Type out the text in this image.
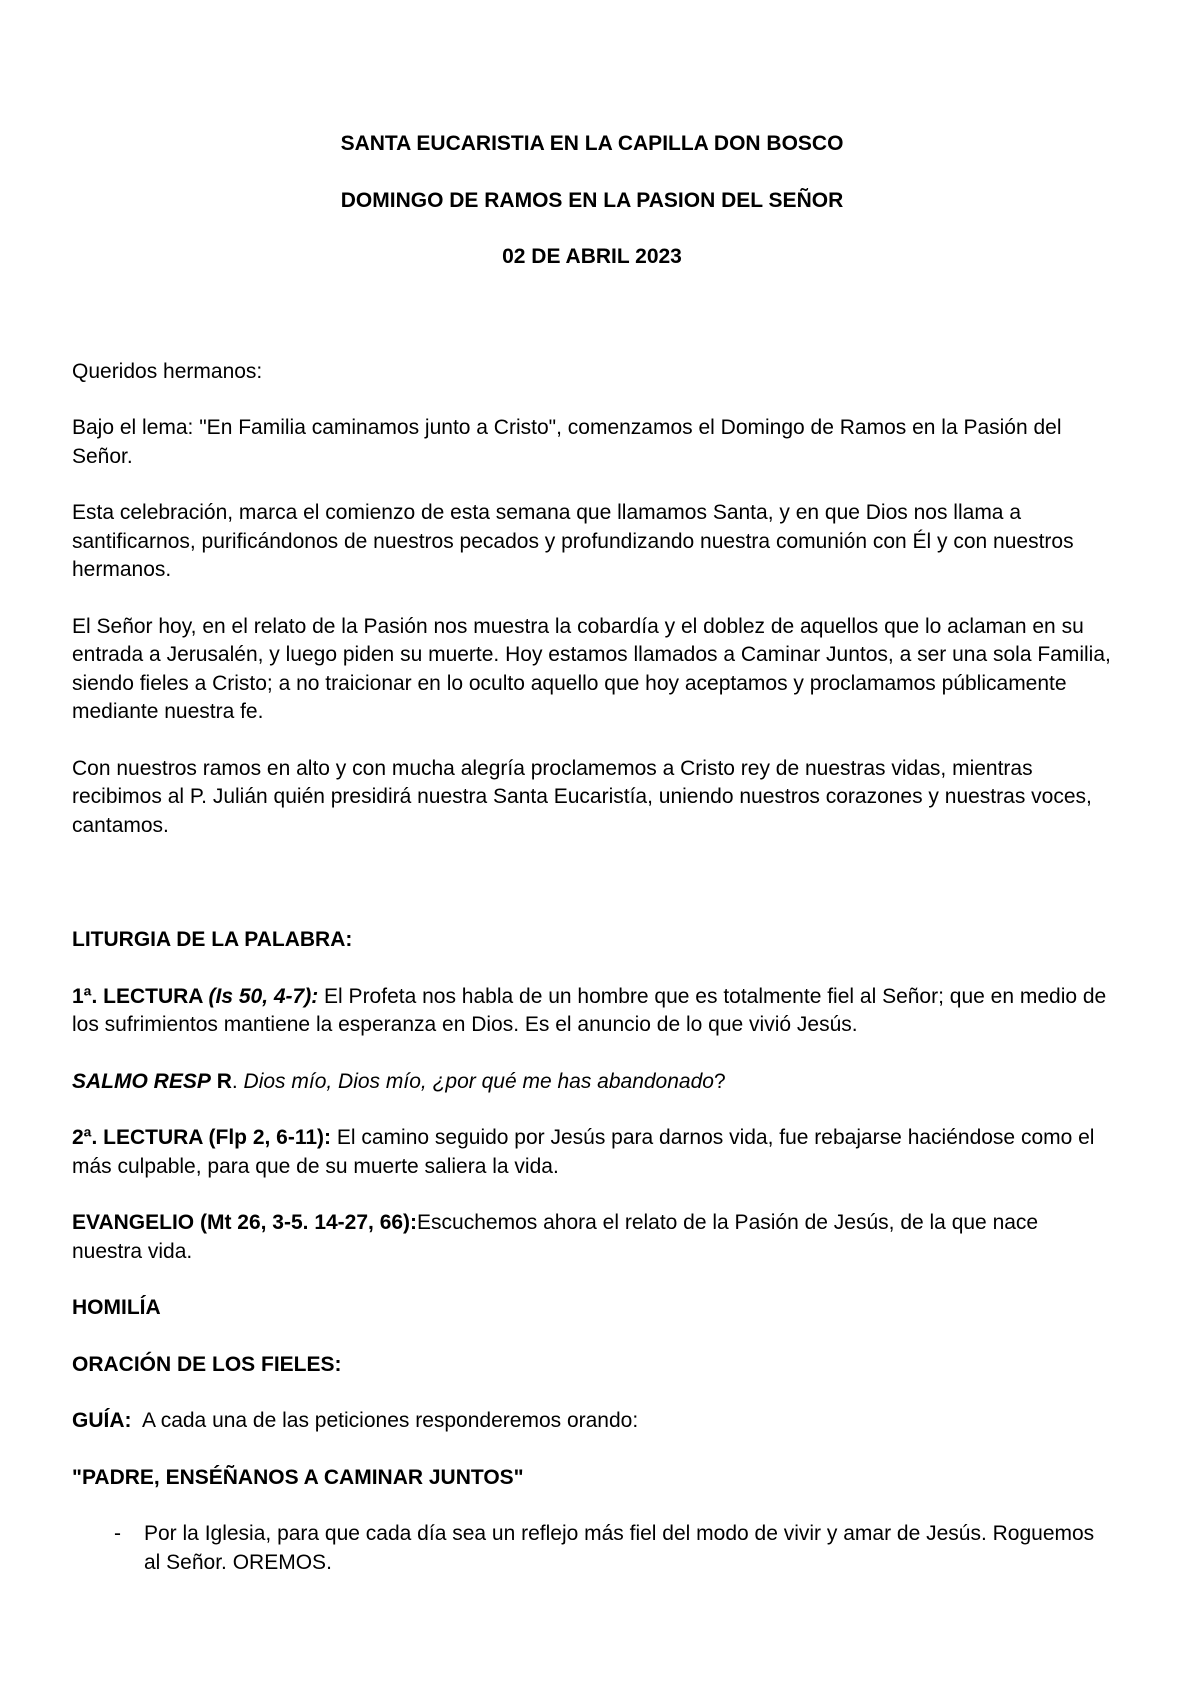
SANTA EUCARISTIA EN LA CAPILLA DON BOSCO
DOMINGO DE RAMOS EN LA PASION DEL SEÑOR
02 DE ABRIL 2023

Queridos hermanos:

Bajo el lema: "En Familia caminamos junto a Cristo", comenzamos el Domingo de Ramos en la Pasión del Señor.

Esta celebración, marca el comienzo de esta semana que llamamos Santa, y en que Dios nos llama a santificarnos, purificándonos de nuestros pecados y profundizando nuestra comunión con Él y con nuestros hermanos.

El Señor hoy, en el relato de la Pasión nos muestra la cobardía y el doblez de aquellos que lo aclaman en su entrada a Jerusalén, y luego piden su muerte. Hoy estamos llamados a Caminar Juntos, a ser una sola Familia, siendo fieles a Cristo; a no traicionar en lo oculto aquello que hoy aceptamos y proclamamos públicamente mediante nuestra fe.

Con nuestros ramos en alto y con mucha alegría proclamemos a Cristo rey de nuestras vidas, mientras recibimos al P. Julián quién presidirá nuestra Santa Eucaristía, uniendo nuestros corazones y nuestras voces, cantamos.

LITURGIA DE LA PALABRA:

1ª. LECTURA (Is 50, 4-7): El Profeta nos habla de un hombre que es totalmente fiel al Señor; que en medio de los sufrimientos mantiene la esperanza en Dios. Es el anuncio de lo que vivió Jesús.

SALMO RESP R. Dios mío, Dios mío, ¿por qué me has abandonado?

2ª. LECTURA (Flp 2, 6-11): El camino seguido por Jesús para darnos vida, fue rebajarse haciéndose como el más culpable, para que de su muerte saliera la vida.

EVANGELIO (Mt 26, 3-5. 14-27, 66):Escuchemos ahora el relato de la Pasión de Jesús, de la que nace nuestra vida.

HOMILÍA

ORACIÓN DE LOS FIELES:

GUÍA:  A cada una de las peticiones responderemos orando:

"PADRE, ENSÉÑANOS A CAMINAR JUNTOS"

- Por la Iglesia, para que cada día sea un reflejo más fiel del modo de vivir y amar de Jesús. Roguemos al Señor. OREMOS.
